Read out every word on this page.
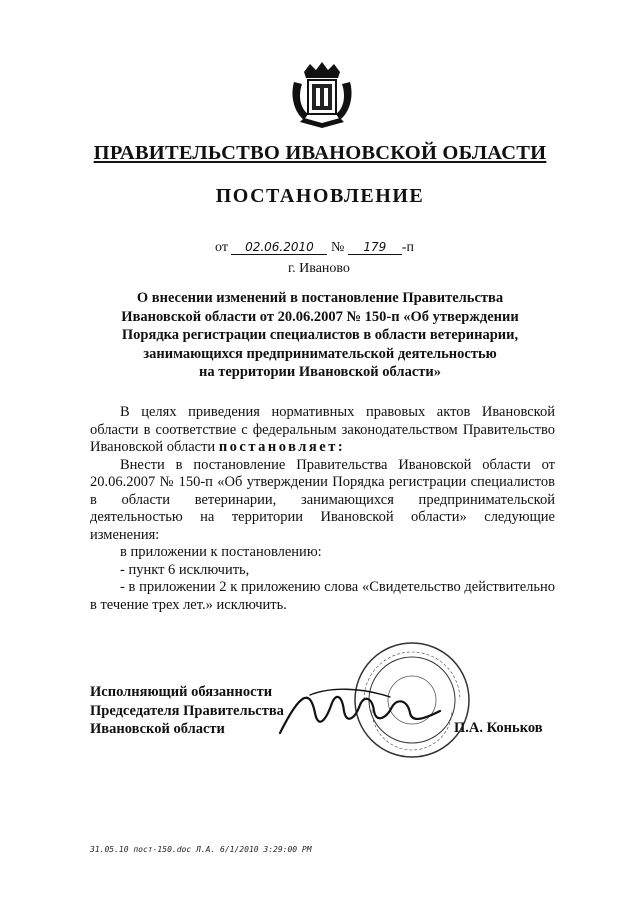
ПРАВИТЕЛЬСТВО ИВАНОВСКОЙ ОБЛАСТИ
ПОСТАНОВЛЕНИЕ
от 02.06.2010 № 179 -п
г. Иваново
О внесении изменений в постановление Правительства
Ивановской области от 20.06.2007 № 150-п «Об утверждении
Порядка регистрации специалистов в области ветеринарии,
занимающихся предпринимательской деятельностью
на территории Ивановской области»

В целях приведения нормативных правовых актов Ивановской области в соответствие с федеральным законодательством Правительство Ивановской области постановляет:

Внести в постановление Правительства Ивановской области от 20.06.2007 № 150-п «Об утверждении Порядка регистрации специалистов в области ветеринарии, занимающихся предпринимательской деятельностью на территории Ивановской области» следующие изменения:

в приложении к постановлению:

- пункт 6 исключить,

- в приложении 2 к приложению слова «Свидетельство действительно в течение трех лет.» исключить.

Исполняющий обязанности
Председателя Правительства
Ивановской области	П.А. Коньков
31.05.10 пост-150.doc Л.А. 6/1/2010 3:29:00 PM
